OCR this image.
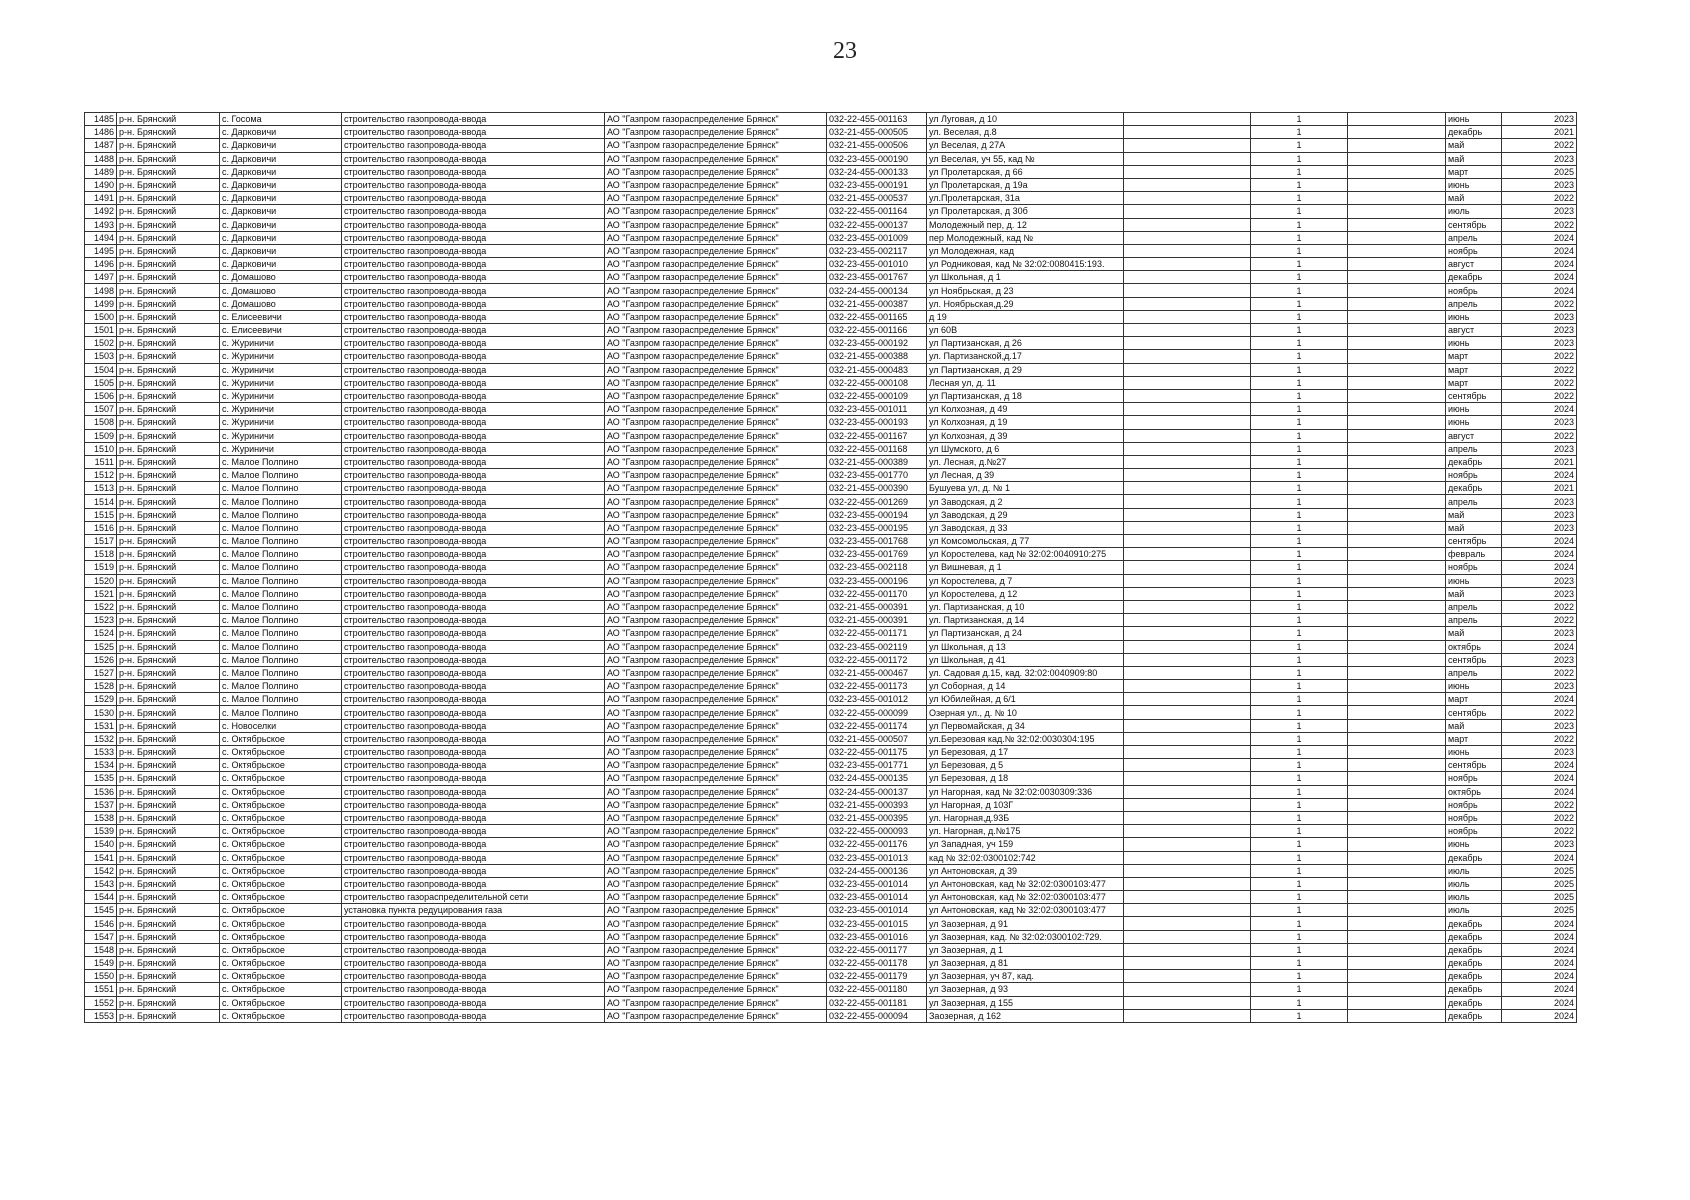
23
1485	р-н. Брянский	с. Госома	строительство газопровода-ввода	АО "Газпром газораспределение Брянск"	032-22-455-001163	ул Луговая, д 10		1		июнь	2023
1486	р-н. Брянский	с. Дарковичи	строительство газопровода-ввода	АО "Газпром газораспределение Брянск"	032-21-455-000505	ул. Веселая, д.8		1		декабрь	2021
1487	р-н. Брянский	с. Дарковичи	строительство газопровода-ввода	АО "Газпром газораспределение Брянск"	032-21-455-000506	ул Веселая, д 27А		1		май	2022
1488	р-н. Брянский	с. Дарковичи	строительство газопровода-ввода	АО "Газпром газораспределение Брянск"	032-23-455-000190	ул Веселая, уч 55, кад №		1		май	2023
1489	р-н. Брянский	с. Дарковичи	строительство газопровода-ввода	АО "Газпром газораспределение Брянск"	032-24-455-000133	ул Пролетарская, д 66		1		март	2025
1490	р-н. Брянский	с. Дарковичи	строительство газопровода-ввода	АО "Газпром газораспределение Брянск"	032-23-455-000191	ул Пролетарская, д 19а		1		июнь	2023
1491	р-н. Брянский	с. Дарковичи	строительство газопровода-ввода	АО "Газпром газораспределение Брянск"	032-21-455-000537	ул.Пролетарская, 31а		1		май	2022
1492	р-н. Брянский	с. Дарковичи	строительство газопровода-ввода	АО "Газпром газораспределение Брянск"	032-22-455-001164	ул Пролетарская, д 30б		1		июль	2023
1493	р-н. Брянский	с. Дарковичи	строительство газопровода-ввода	АО "Газпром газораспределение Брянск"	032-22-455-000137	Молодежный пер, д. 12		1		сентябрь	2022
1494	р-н. Брянский	с. Дарковичи	строительство газопровода-ввода	АО "Газпром газораспределение Брянск"	032-23-455-001009	пер Молодежный, кад №		1		апрель	2024
1495	р-н. Брянский	с. Дарковичи	строительство газопровода-ввода	АО "Газпром газораспределение Брянск"	032-23-455-002117	ул Молодежная, кад		1		ноябрь	2024
1496	р-н. Брянский	с. Дарковичи	строительство газопровода-ввода	АО "Газпром газораспределение Брянск"	032-23-455-001010	ул Родниковая, кад № 32:02:0080415:193.		1		август	2024
1497	р-н. Брянский	с. Домашово	строительство газопровода-ввода	АО "Газпром газораспределение Брянск"	032-23-455-001767	ул Школьная, д 1		1		декабрь	2024
1498	р-н. Брянский	с. Домашово	строительство газопровода-ввода	АО "Газпром газораспределение Брянск"	032-24-455-000134	ул Ноябрьская, д 23		1		ноябрь	2024
1499	р-н. Брянский	с. Домашово	строительство газопровода-ввода	АО "Газпром газораспределение Брянск"	032-21-455-000387	ул. Ноябрьская,д.29		1		апрель	2022
1500	р-н. Брянский	с. Елисеевичи	строительство газопровода-ввода	АО "Газпром газораспределение Брянск"	032-22-455-001165	д 19		1		июнь	2023
1501	р-н. Брянский	с. Елисеевичи	строительство газопровода-ввода	АО "Газпром газораспределение Брянск"	032-22-455-001166	ул 60В		1		август	2023
1502	р-н. Брянский	с. Журиничи	строительство газопровода-ввода	АО "Газпром газораспределение Брянск"	032-23-455-000192	ул Партизанская, д 26		1		июнь	2023
1503	р-н. Брянский	с. Журиничи	строительство газопровода-ввода	АО "Газпром газораспределение Брянск"	032-21-455-000388	ул. Партизанской,д.17		1		март	2022
1504	р-н. Брянский	с. Журиничи	строительство газопровода-ввода	АО "Газпром газораспределение Брянск"	032-21-455-000483	ул Партизанская, д 29		1		март	2022
1505	р-н. Брянский	с. Журиничи	строительство газопровода-ввода	АО "Газпром газораспределение Брянск"	032-22-455-000108	Лесная ул, д. 11		1		март	2022
1506	р-н. Брянский	с. Журиничи	строительство газопровода-ввода	АО "Газпром газораспределение Брянск"	032-22-455-000109	ул Партизанская, д 18		1		сентябрь	2022
1507	р-н. Брянский	с. Журиничи	строительство газопровода-ввода	АО "Газпром газораспределение Брянск"	032-23-455-001011	ул Колхозная, д 49		1		июнь	2024
1508	р-н. Брянский	с. Журиничи	строительство газопровода-ввода	АО "Газпром газораспределение Брянск"	032-23-455-000193	ул Колхозная, д 19		1		июнь	2023
1509	р-н. Брянский	с. Журиничи	строительство газопровода-ввода	АО "Газпром газораспределение Брянск"	032-22-455-001167	ул Колхозная, д 39		1		август	2022
1510	р-н. Брянский	с. Журиничи	строительство газопровода-ввода	АО "Газпром газораспределение Брянск"	032-22-455-001168	ул Шумского, д 6		1		апрель	2023
1511	р-н. Брянский	с. Малое Полпино	строительство газопровода-ввода	АО "Газпром газораспределение Брянск"	032-21-455-000389	ул. Лесная, д.№27		1		декабрь	2021
1512	р-н. Брянский	с. Малое Полпино	строительство газопровода-ввода	АО "Газпром газораспределение Брянск"	032-23-455-001770	ул Лесная, д 39		1		ноябрь	2024
1513	р-н. Брянский	с. Малое Полпино	строительство газопровода-ввода	АО "Газпром газораспределение Брянск"	032-21-455-000390	Бушуева ул, д. № 1		1		декабрь	2021
1514	р-н. Брянский	с. Малое Полпино	строительство газопровода-ввода	АО "Газпром газораспределение Брянск"	032-22-455-001269	ул Заводская, д 2		1		апрель	2023
1515	р-н. Брянский	с. Малое Полпино	строительство газопровода-ввода	АО "Газпром газораспределение Брянск"	032-23-455-000194	ул Заводская, д 29		1		май	2023
1516	р-н. Брянский	с. Малое Полпино	строительство газопровода-ввода	АО "Газпром газораспределение Брянск"	032-23-455-000195	ул Заводская, д 33		1		май	2023
1517	р-н. Брянский	с. Малое Полпино	строительство газопровода-ввода	АО "Газпром газораспределение Брянск"	032-23-455-001768	ул Комсомольская, д 77		1		сентябрь	2024
1518	р-н. Брянский	с. Малое Полпино	строительство газопровода-ввода	АО "Газпром газораспределение Брянск"	032-23-455-001769	ул Коростелева, кад № 32:02:0040910:275		1		февраль	2024
1519	р-н. Брянский	с. Малое Полпино	строительство газопровода-ввода	АО "Газпром газораспределение Брянск"	032-23-455-002118	ул Вишневая, д 1		1		ноябрь	2024
1520	р-н. Брянский	с. Малое Полпино	строительство газопровода-ввода	АО "Газпром газораспределение Брянск"	032-23-455-000196	ул Коростелева, д 7		1		июнь	2023
1521	р-н. Брянский	с. Малое Полпино	строительство газопровода-ввода	АО "Газпром газораспределение Брянск"	032-22-455-001170	ул Коростелева, д 12		1		май	2023
1522	р-н. Брянский	с. Малое Полпино	строительство газопровода-ввода	АО "Газпром газораспределение Брянск"	032-21-455-000391	ул. Партизанская, д 10		1		апрель	2022
1523	р-н. Брянский	с. Малое Полпино	строительство газопровода-ввода	АО "Газпром газораспределение Брянск"	032-21-455-000391	ул. Партизанская, д 14		1		апрель	2022
1524	р-н. Брянский	с. Малое Полпино	строительство газопровода-ввода	АО "Газпром газораспределение Брянск"	032-22-455-001171	ул Партизанская, д 24		1		май	2023
1525	р-н. Брянский	с. Малое Полпино	строительство газопровода-ввода	АО "Газпром газораспределение Брянск"	032-23-455-002119	ул Школьная, д 13		1		октябрь	2024
1526	р-н. Брянский	с. Малое Полпино	строительство газопровода-ввода	АО "Газпром газораспределение Брянск"	032-22-455-001172	ул Школьная, д 41		1		сентябрь	2023
1527	р-н. Брянский	с. Малое Полпино	строительство газопровода-ввода	АО "Газпром газораспределение Брянск"	032-21-455-000467	ул. Садовая д.15, кад. 32:02:0040909:80		1		апрель	2022
1528	р-н. Брянский	с. Малое Полпино	строительство газопровода-ввода	АО "Газпром газораспределение Брянск"	032-22-455-001173	ул Соборная, д 14		1		июнь	2023
1529	р-н. Брянский	с. Малое Полпино	строительство газопровода-ввода	АО "Газпром газораспределение Брянск"	032-23-455-001012	ул Юбилейная, д 6/1		1		март	2024
1530	р-н. Брянский	с. Малое Полпино	строительство газопровода-ввода	АО "Газпром газораспределение Брянск"	032-22-455-000099	Озерная ул., д. № 10		1		сентябрь	2022
1531	р-н. Брянский	с. Новоселки	строительство газопровода-ввода	АО "Газпром газораспределение Брянск"	032-22-455-001174	ул Первомайская, д 34		1		май	2023
1532	р-н. Брянский	с. Октябрьское	строительство газопровода-ввода	АО "Газпром газораспределение Брянск"	032-21-455-000507	ул.Березовая кад.№ 32:02:0030304:195		1		март	2022
1533	р-н. Брянский	с. Октябрьское	строительство газопровода-ввода	АО "Газпром газораспределение Брянск"	032-22-455-001175	ул Березовая, д 17		1		июнь	2023
1534	р-н. Брянский	с. Октябрьское	строительство газопровода-ввода	АО "Газпром газораспределение Брянск"	032-23-455-001771	ул Березовая, д 5		1		сентябрь	2024
1535	р-н. Брянский	с. Октябрьское	строительство газопровода-ввода	АО "Газпром газораспределение Брянск"	032-24-455-000135	ул Березовая, д 18		1		ноябрь	2024
1536	р-н. Брянский	с. Октябрьское	строительство газопровода-ввода	АО "Газпром газораспределение Брянск"	032-24-455-000137	ул Нагорная, кад № 32:02:0030309:336		1		октябрь	2024
1537	р-н. Брянский	с. Октябрьское	строительство газопровода-ввода	АО "Газпром газораспределение Брянск"	032-21-455-000393	ул Нагорная, д 103Г		1		ноябрь	2022
1538	р-н. Брянский	с. Октябрьское	строительство газопровода-ввода	АО "Газпром газораспределение Брянск"	032-21-455-000395	ул. Нагорная,д.93Б		1		ноябрь	2022
1539	р-н. Брянский	с. Октябрьское	строительство газопровода-ввода	АО "Газпром газораспределение Брянск"	032-22-455-000093	ул. Нагорная, д.№175		1		ноябрь	2022
1540	р-н. Брянский	с. Октябрьское	строительство газопровода-ввода	АО "Газпром газораспределение Брянск"	032-22-455-001176	ул Западная, уч 159		1		июнь	2023
1541	р-н. Брянский	с. Октябрьское	строительство газопровода-ввода	АО "Газпром газораспределение Брянск"	032-23-455-001013	кад № 32:02:0300102:742		1		декабрь	2024
1542	р-н. Брянский	с. Октябрьское	строительство газопровода-ввода	АО "Газпром газораспределение Брянск"	032-24-455-000136	ул Антоновская, д 39		1		июль	2025
1543	р-н. Брянский	с. Октябрьское	строительство газопровода-ввода	АО "Газпром газораспределение Брянск"	032-23-455-001014	ул Антоновская, кад № 32:02:0300103:477		1		июль	2025
1544	р-н. Брянский	с. Октябрьское	строительство газораспределительной сети	АО "Газпром газораспределение Брянск"	032-23-455-001014	ул Антоновская, кад № 32:02:0300103:477		1		июль	2025
1545	р-н. Брянский	с. Октябрьское	установка пункта редуцирования газа	АО "Газпром газораспределение Брянск"	032-23-455-001014	ул Антоновская, кад № 32:02:0300103:477		1		июль	2025
1546	р-н. Брянский	с. Октябрьское	строительство газопровода-ввода	АО "Газпром газораспределение Брянск"	032-23-455-001015	ул Заозерная, д 91		1		декабрь	2024
1547	р-н. Брянский	с. Октябрьское	строительство газопровода-ввода	АО "Газпром газораспределение Брянск"	032-23-455-001016	ул Заозерная, кад. № 32:02:0300102:729.		1		декабрь	2024
1548	р-н. Брянский	с. Октябрьское	строительство газопровода-ввода	АО "Газпром газораспределение Брянск"	032-22-455-001177	ул Заозерная, д 1		1		декабрь	2024
1549	р-н. Брянский	с. Октябрьское	строительство газопровода-ввода	АО "Газпром газораспределение Брянск"	032-22-455-001178	ул Заозерная, д 81		1		декабрь	2024
1550	р-н. Брянский	с. Октябрьское	строительство газопровода-ввода	АО "Газпром газораспределение Брянск"	032-22-455-001179	ул Заозерная, уч 87, кад.		1		декабрь	2024
1551	р-н. Брянский	с. Октябрьское	строительство газопровода-ввода	АО "Газпром газораспределение Брянск"	032-22-455-001180	ул Заозерная, д 93		1		декабрь	2024
1552	р-н. Брянский	с. Октябрьское	строительство газопровода-ввода	АО "Газпром газораспределение Брянск"	032-22-455-001181	ул Заозерная, д 155		1		декабрь	2024
1553	р-н. Брянский	с. Октябрьское	строительство газопровода-ввода	АО "Газпром газораспределение Брянск"	032-22-455-000094	Заозерная, д 162		1		декабрь	2024
